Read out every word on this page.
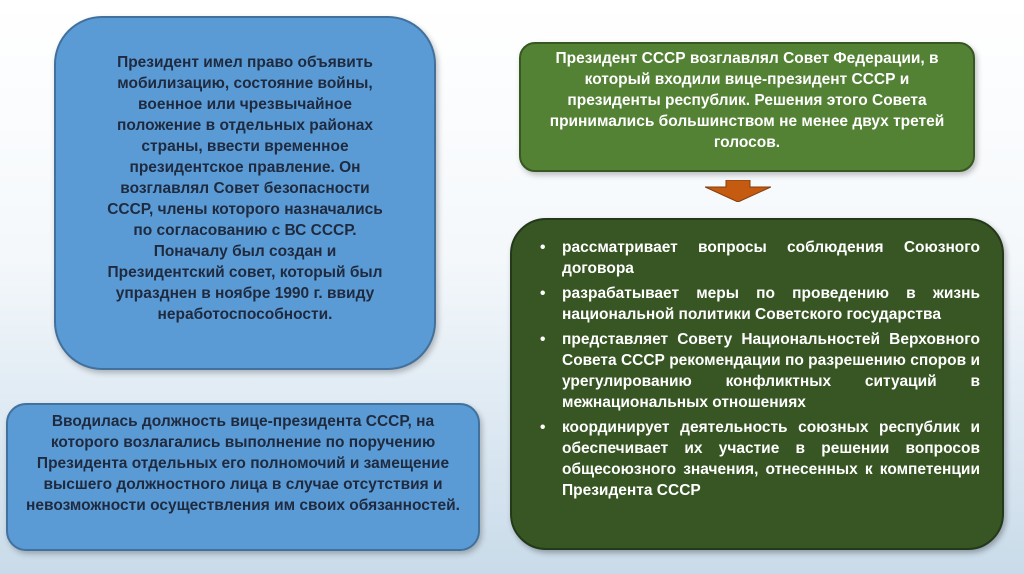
Президент имел право объявить мобилизацию, состояние войны, военное или чрезвычайное положение в отдельных районах страны, ввести временное президентское правление. Он возглавлял Совет безопасности СССР, члены которого назначались по согласованию с ВС СССР. Поначалу был создан и Президентский совет, который был упразднен в ноябре 1990 г. ввиду неработоспособности.
Вводилась должность вице-президента СССР, на которого возлагались выполнение по поручению Президента отдельных его полномочий и замещение высшего должностного лица в случае отсутствия и невозможности осуществления им своих обязанностей.
Президент СССР возглавлял Совет Федерации, в который входили вице-президент СССР и президенты республик. Решения этого Совета принимались большинством не менее двух третей голосов.
• рассматривает вопросы соблюдения Союзного договора
• разрабатывает меры по проведению в жизнь национальной политики Советского государства
• представляет Совету Национальностей Верховного Совета СССР рекомендации по разрешению споров и урегулированию конфликтных ситуаций в межнациональных отношениях
• координирует деятельность союзных республик и обеспечивает их участие в решении вопросов общесоюзного значения, отнесенных к компетенции Президента СССР
